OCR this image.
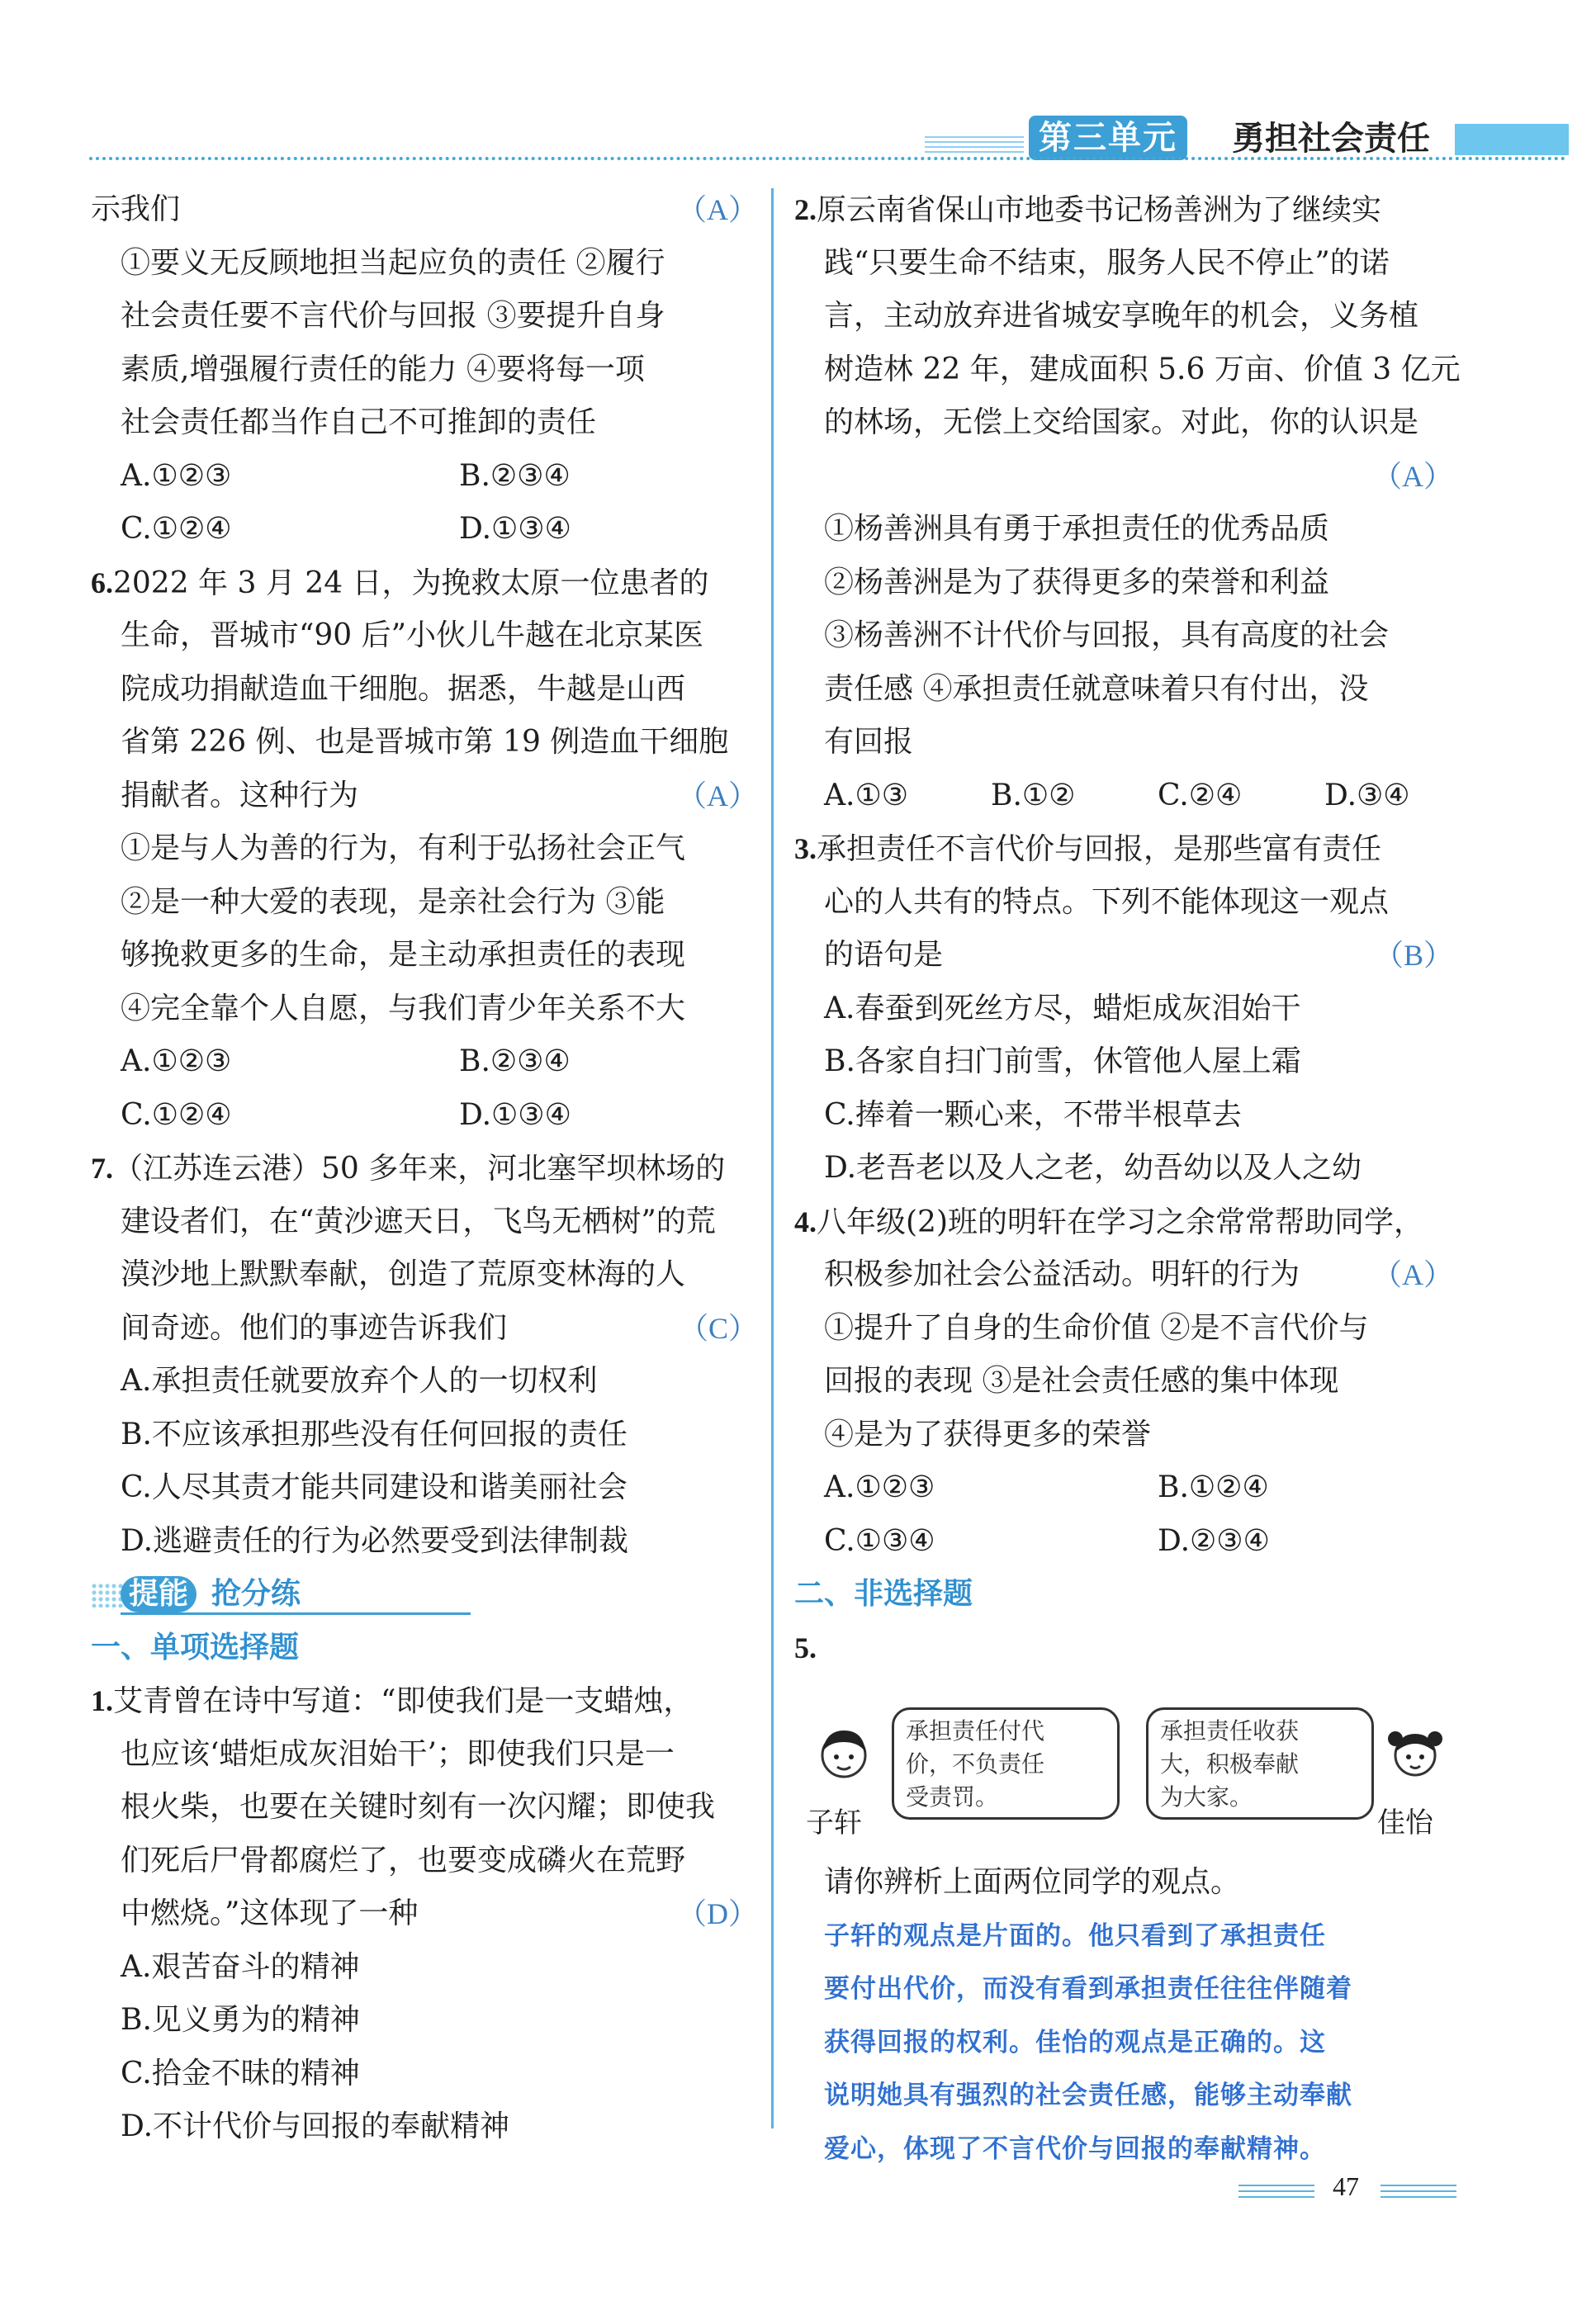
第三单元	勇担社会责任
示我们	（A）
①要义无反顾地担当起应负的责任 ②履行
社会责任要不言代价与回报 ③要提升自身
素质,增强履行责任的能力 ④要将每一项
社会责任都当作自己不可推卸的责任
A.①②③	B.②③④
C.①②④	D.①③④
6.2022 年 3 月 24 日，为挽救太原一位患者的
生命，晋城市“90 后”小伙儿牛越在北京某医
院成功捐献造血干细胞。据悉，牛越是山西
省第 226 例、也是晋城市第 19 例造血干细胞
捐献者。这种行为	（A）
①是与人为善的行为，有利于弘扬社会正气
②是一种大爱的表现，是亲社会行为 ③能
够挽救更多的生命，是主动承担责任的表现
④完全靠个人自愿，与我们青少年关系不大
A.①②③	B.②③④
C.①②④	D.①③④
7.（江苏连云港）50 多年来，河北塞罕坝林场的
建设者们，在“黄沙遮天日，飞鸟无栖树”的荒
漠沙地上默默奉献，创造了荒原变林海的人
间奇迹。他们的事迹告诉我们	（C）
A.承担责任就要放弃个人的一切权利
B.不应该承担那些没有任何回报的责任
C.人尽其责才能共同建设和谐美丽社会
D.逃避责任的行为必然要受到法律制裁
提能 抢分练
一、单项选择题
1.艾青曾在诗中写道：“即使我们是一支蜡烛，
也应该‘蜡炬成灰泪始干’；即使我们只是一
根火柴，也要在关键时刻有一次闪耀；即使我
们死后尸骨都腐烂了，也要变成磷火在荒野
中燃烧。”这体现了一种	（D）
A.艰苦奋斗的精神
B.见义勇为的精神
C.拾金不昧的精神
D.不计代价与回报的奉献精神
2.原云南省保山市地委书记杨善洲为了继续实
践“只要生命不结束，服务人民不停止”的诺
言，主动放弃进省城安享晚年的机会，义务植
树造林 22 年，建成面积 5.6 万亩、价值 3 亿元
的林场，无偿上交给国家。对此，你的认识是
（A）
①杨善洲具有勇于承担责任的优秀品质
②杨善洲是为了获得更多的荣誉和利益
③杨善洲不计代价与回报，具有高度的社会
责任感 ④承担责任就意味着只有付出，没
有回报
A.①③	B.①②	C.②④	D.③④
3.承担责任不言代价与回报，是那些富有责任
心的人共有的特点。下列不能体现这一观点
的语句是	（B）
A.春蚕到死丝方尽，蜡炬成灰泪始干
B.各家自扫门前雪，休管他人屋上霜
C.捧着一颗心来，不带半根草去
D.老吾老以及人之老，幼吾幼以及人之幼
4.八年级(2)班的明轩在学习之余常常帮助同学，
积极参加社会公益活动。明轩的行为 （A）
①提升了自身的生命价值 ②是不言代价与
回报的表现 ③是社会责任感的集中体现
④是为了获得更多的荣誉
A.①②③	B.①②④
C.①③④	D.②③④
二、非选择题
5.
子轩
承担责任付代
价，不负责任
受责罚。
承担责任收获
大，积极奉献
为大家。
佳怡
请你辨析上面两位同学的观点。
子轩的观点是片面的。他只看到了承担责任
要付出代价，而没有看到承担责任往往伴随着
获得回报的权利。佳怡的观点是正确的。这
说明她具有强烈的社会责任感，能够主动奉献
爱心，体现了不言代价与回报的奉献精神。
47
